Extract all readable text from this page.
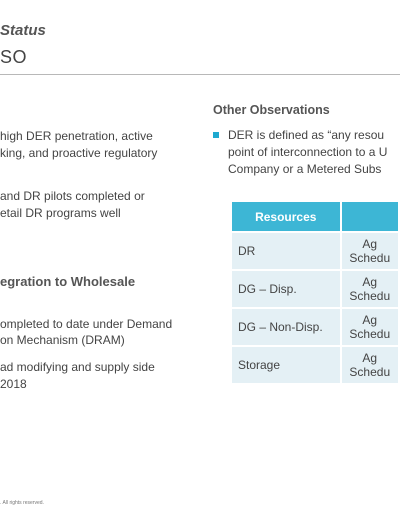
Status
SO
high DER penetration, active
king, and proactive regulatory
and DR pilots completed or
etail DR programs well
egration to Wholesale
ompleted to date under Demand
on Mechanism (DRAM)
ad modifying and supply side
2018
Other Observations
DER is defined as “any resou
point of interconnection to a U
Company or a Metered Subs
Resources	
DR	Ag
Schedu
DG – Disp.	Ag
Schedu
DG – Non-Disp.	Ag
Schedu
Storage	Ag
Schedu
. All rights reserved.
